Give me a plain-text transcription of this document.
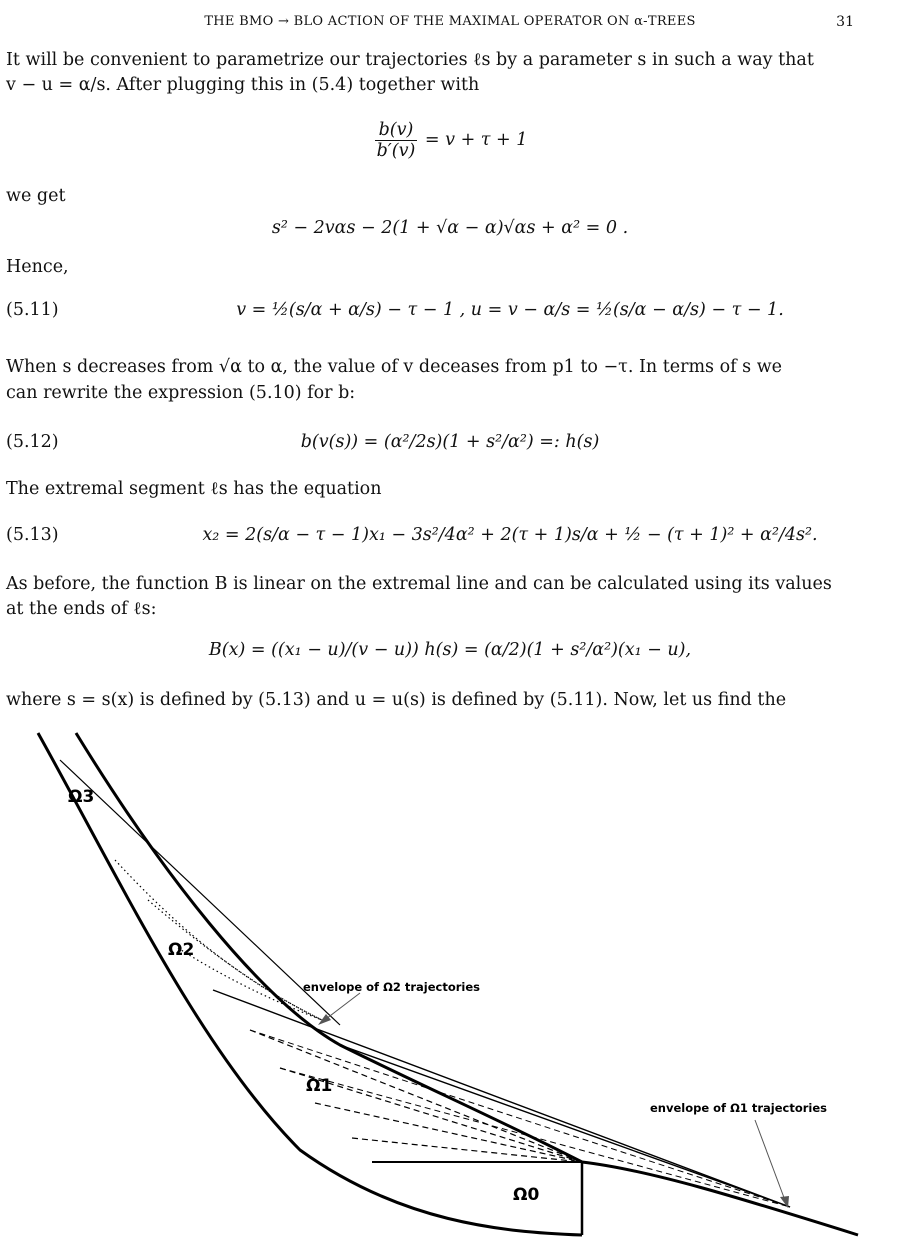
THE BMO → BLO ACTION OF THE MAXIMAL OPERATOR ON α-TREES	31

It will be convenient to parametrize our trajectories ℓs by a parameter s in such a way that

v − u = α/s. After plugging this in (5.4) together with

$\frac{b(v)}{b'(v)} = v + \tau + 1$

we get

s² − 2vαs − 2(1 + √α − α)√αs + α² = 0 .

Hence,

(5.11)	v = ½(s/α + α/s) − τ − 1 , u = v − α/s = ½(s/α − α/s) − τ − 1.

When s decreases from √α to α, the value of v deceases from p1 to −τ. In terms of s we

can rewrite the expression (5.10) for b:

(5.12)	b(v(s)) = (α²/2s)(1 + s²/α²) =: h(s)

The extremal segment ℓs has the equation

(5.13)	x₂ = 2(s/α − τ − 1)x₁ − 3s²/4α² + 2(τ + 1)s/α + ½ − (τ + 1)² + α²/4s².

As before, the function B is linear on the extremal line and can be calculated using its values

at the ends of ℓs:

B(x) = ((x₁ − u)/(v − u)) h(s) = (α/2)(1 + s²/α²)(x₁ − u),

where s = s(x) is defined by (5.13) and u = u(s) is defined by (5.11). Now, let us find the

Ω3
Ω2
Ω1
Ω0
envelope of Ω2 trajectories
envelope of Ω1 trajectories
